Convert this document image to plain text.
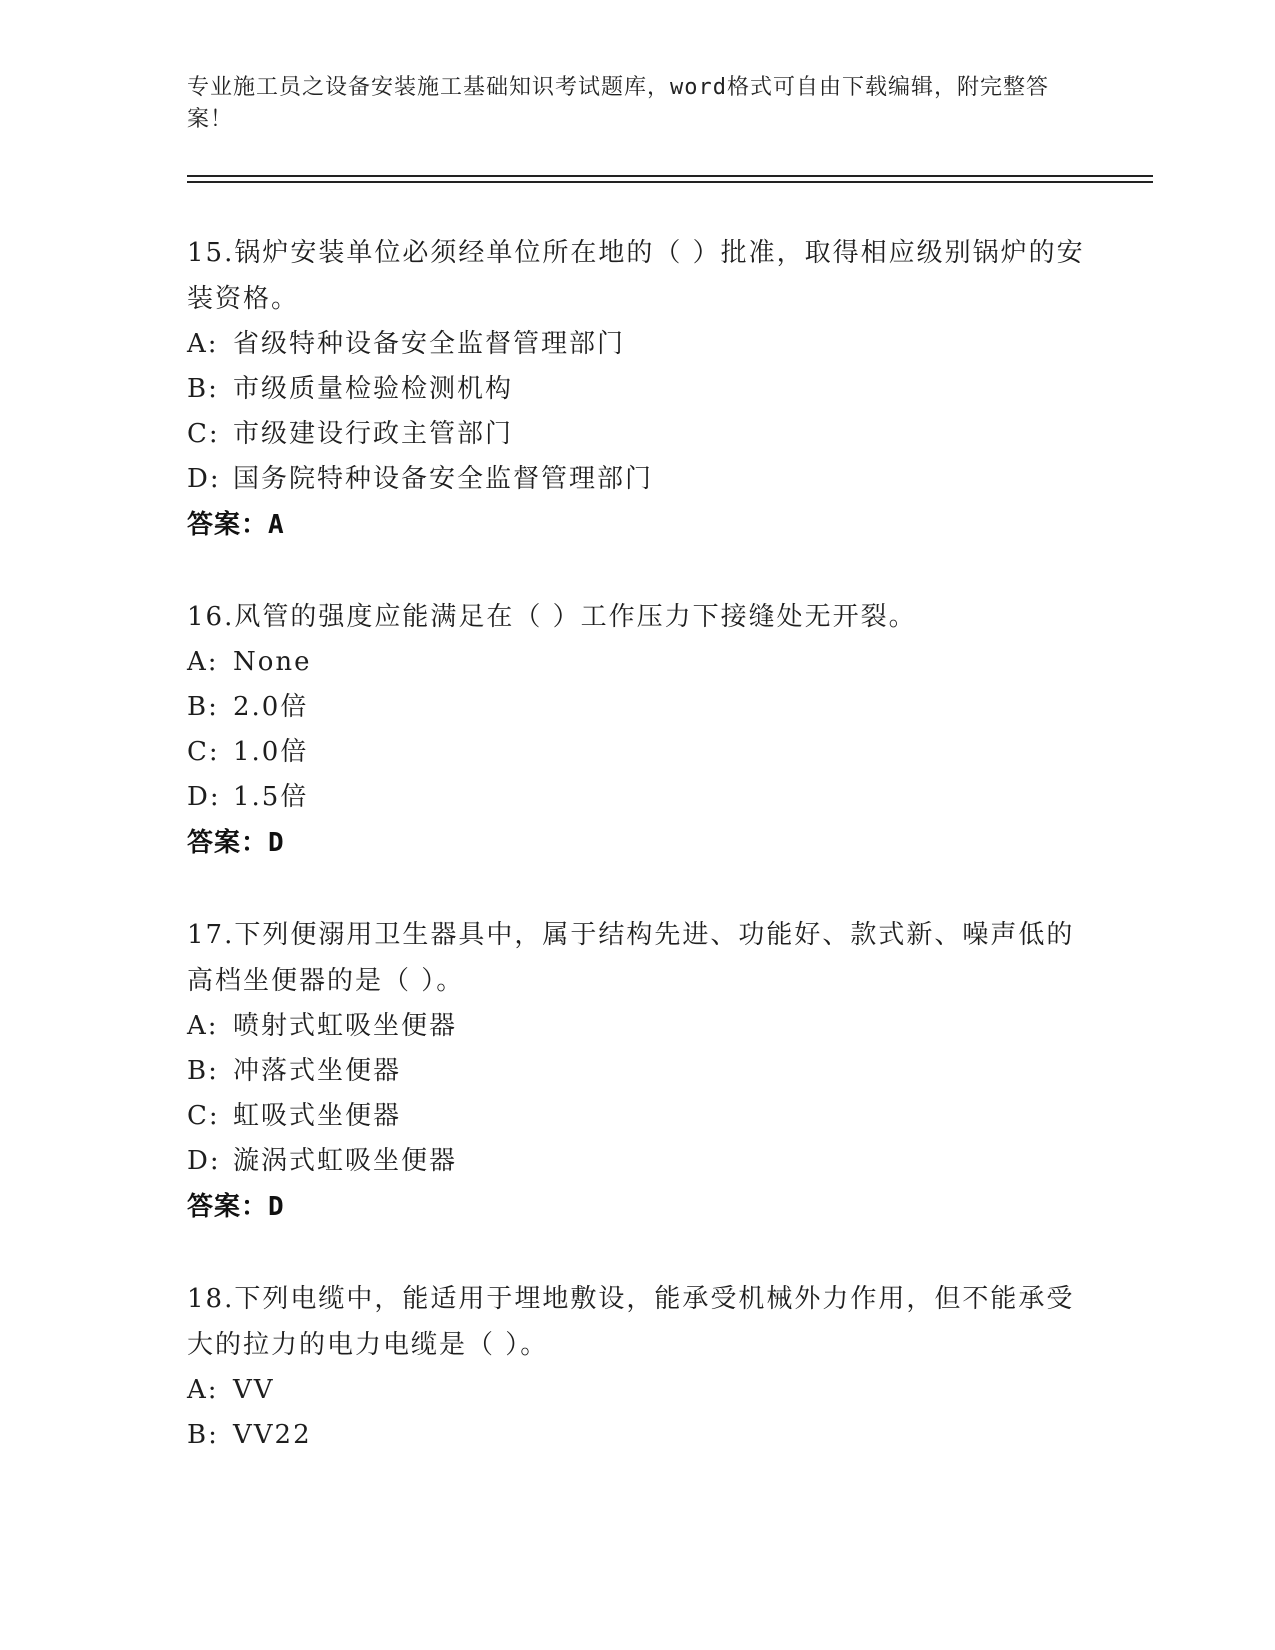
专业施工员之设备安装施工基础知识考试题库，word格式可自由下载编辑，附完整答案！
15.锅炉安装单位必须经单位所在地的（ ）批准，取得相应级别锅炉的安装资格。
A: 省级特种设备安全监督管理部门
B: 市级质量检验检测机构
C: 市级建设行政主管部门
D: 国务院特种设备安全监督管理部门
答案：A
16.风管的强度应能满足在（ ）工作压力下接缝处无开裂。
A: None
B: 2.0倍
C: 1.0倍
D: 1.5倍
答案：D
17.下列便溺用卫生器具中，属于结构先进、功能好、款式新、噪声低的高档坐便器的是（ ）。
A: 喷射式虹吸坐便器
B: 冲落式坐便器
C: 虹吸式坐便器
D: 漩涡式虹吸坐便器
答案：D
18.下列电缆中，能适用于埋地敷设，能承受机械外力作用，但不能承受大的拉力的电力电缆是（ ）。
A: VV
B: VV22
